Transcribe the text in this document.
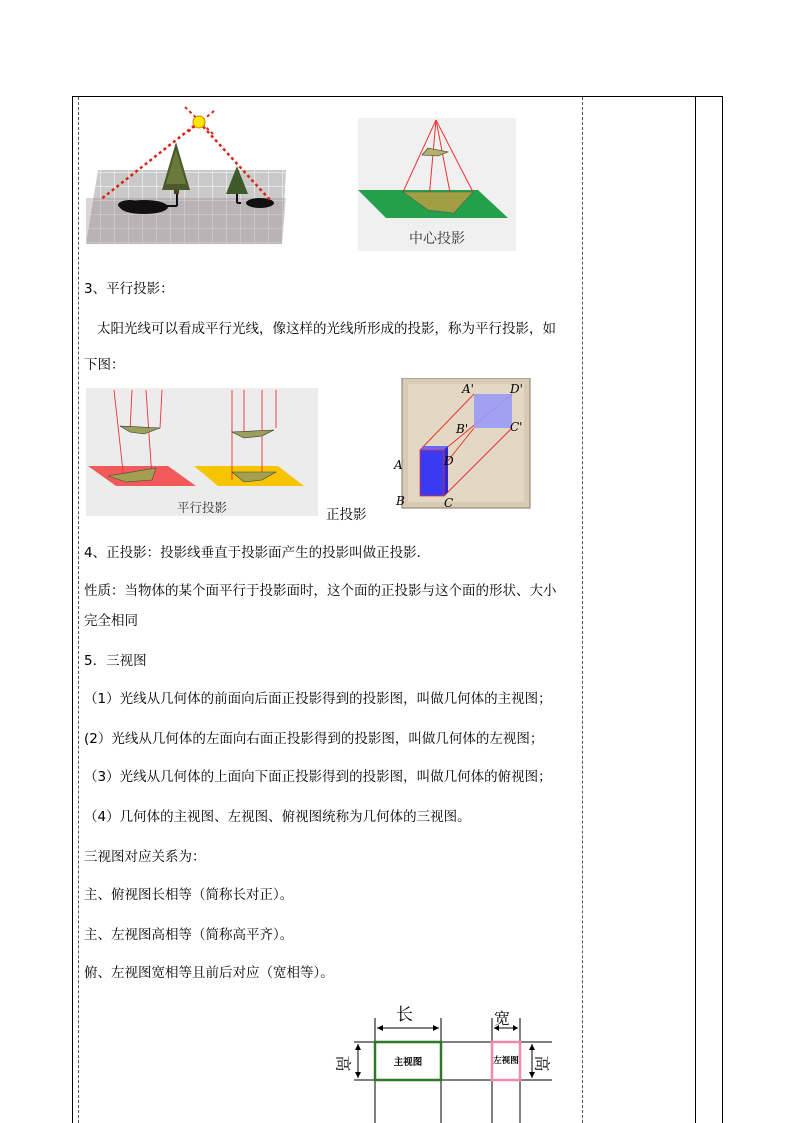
中心投影
3、平行投影：
太阳光线可以看成平行光线，像这样的光线所形成的投影，称为平行投影，如
下图：
平行投影
A'	D'
B'	C'
A	D
B	C
正投影
4、正投影：投影线垂直于投影面产生的投影叫做正投影．
性质：当物体的某个面平行于投影面时，这个面的正投影与这个面的形状、大小
完全相同
5．三视图
（1）光线从几何体的前面向后面正投影得到的投影图，叫做几何体的主视图；
(2）光线从几何体的左面向右面正投影得到的投影图，叫做几何体的左视图；
（3）光线从几何体的上面向下面正投影得到的投影图，叫做几何体的俯视图；
（4）几何体的主视图、左视图、俯视图统称为几何体的三视图。
三视图对应关系为：
主、俯视图长相等（简称长对正）。
主、左视图高相等（简称高平齐）。
俯、左视图宽相等且前后对应（宽相等）。
长	宽
高	高
主视图	左视图
